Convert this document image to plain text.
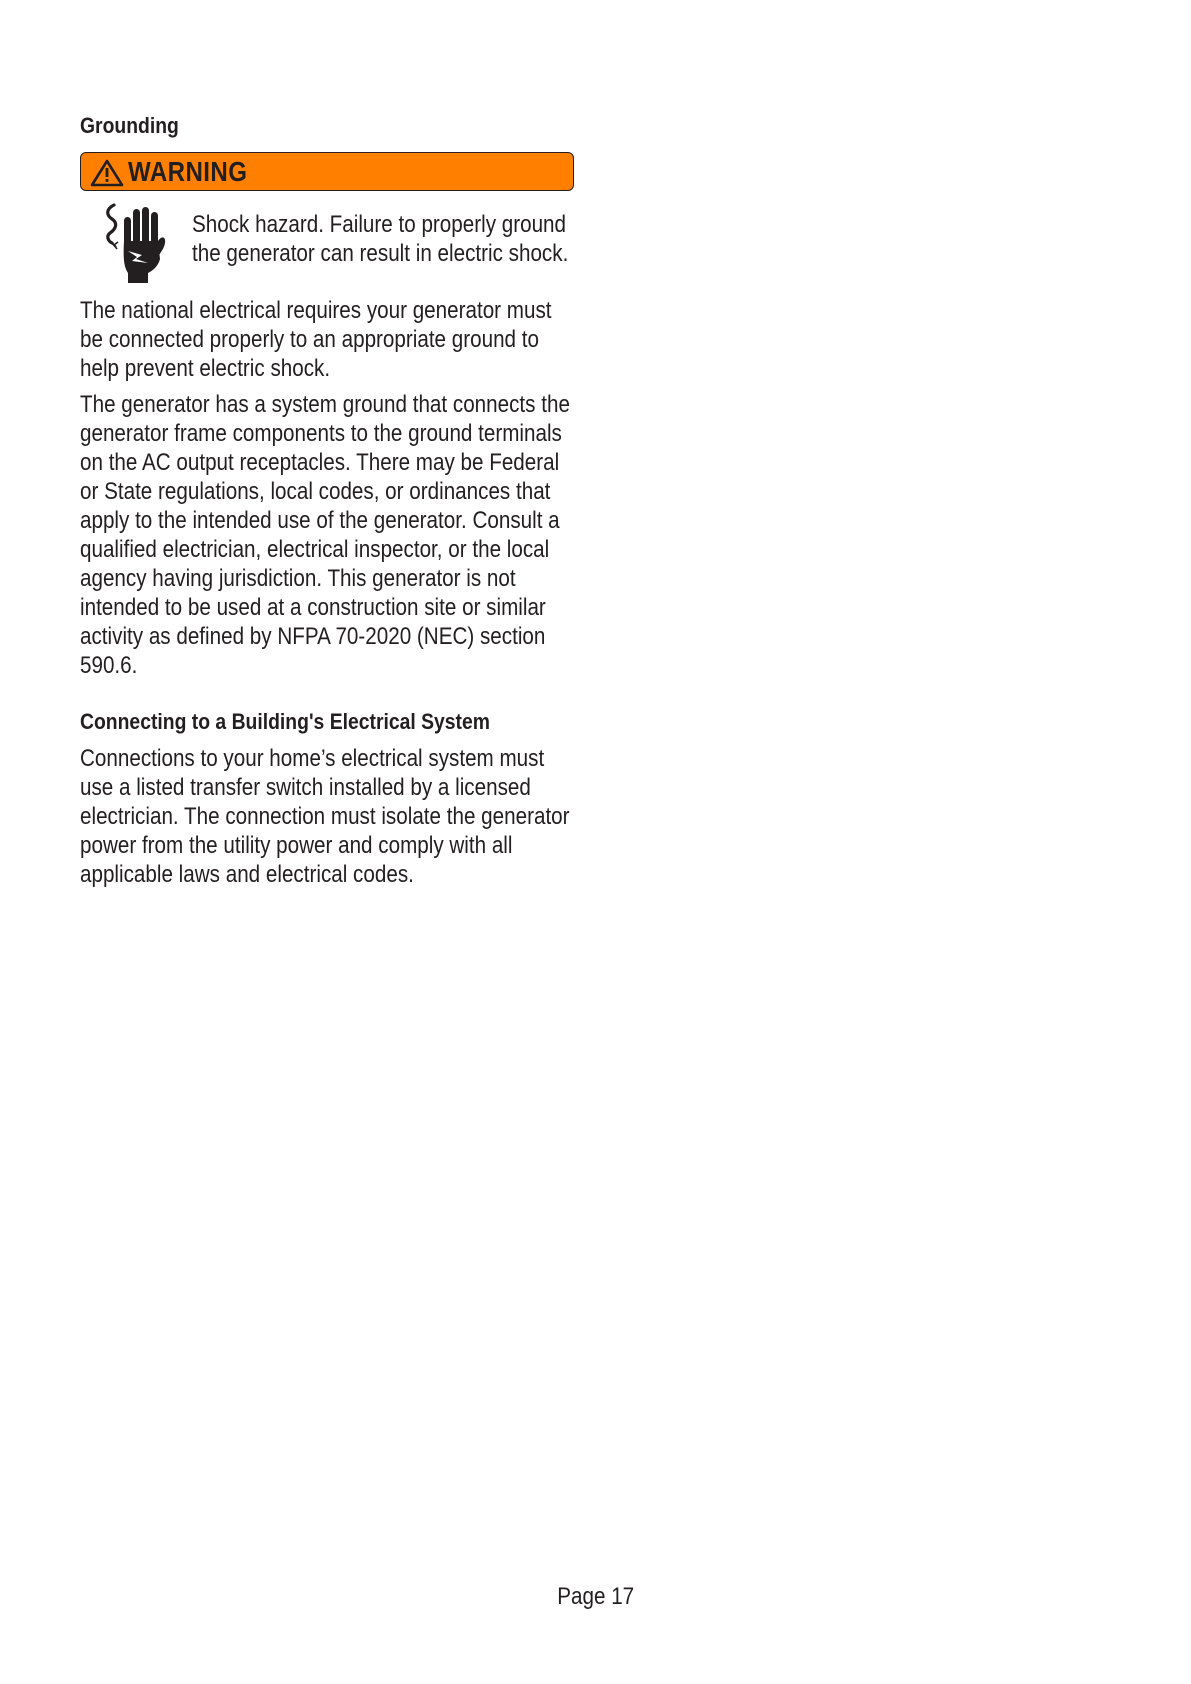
Grounding
WARNING
Shock hazard. Failure to properly ground
the generator can result in electric shock.
The national electrical requires your generator must
be connected properly to an appropriate ground to
help prevent electric shock.
The generator has a system ground that connects the
generator frame components to the ground terminals
on the AC output receptacles. There may be Federal
or State regulations, local codes, or ordinances that
apply to the intended use of the generator. Consult a
qualified electrician, electrical inspector, or the local
agency having jurisdiction. This generator is not
intended to be used at a construction site or similar
activity as defined by NFPA 70-2020 (NEC) section
590.6.
Connecting to a Building's Electrical System
Connections to your home’s electrical system must
use a listed transfer switch installed by a licensed
electrician. The connection must isolate the generator
power from the utility power and comply with all
applicable laws and electrical codes.
Page 17
